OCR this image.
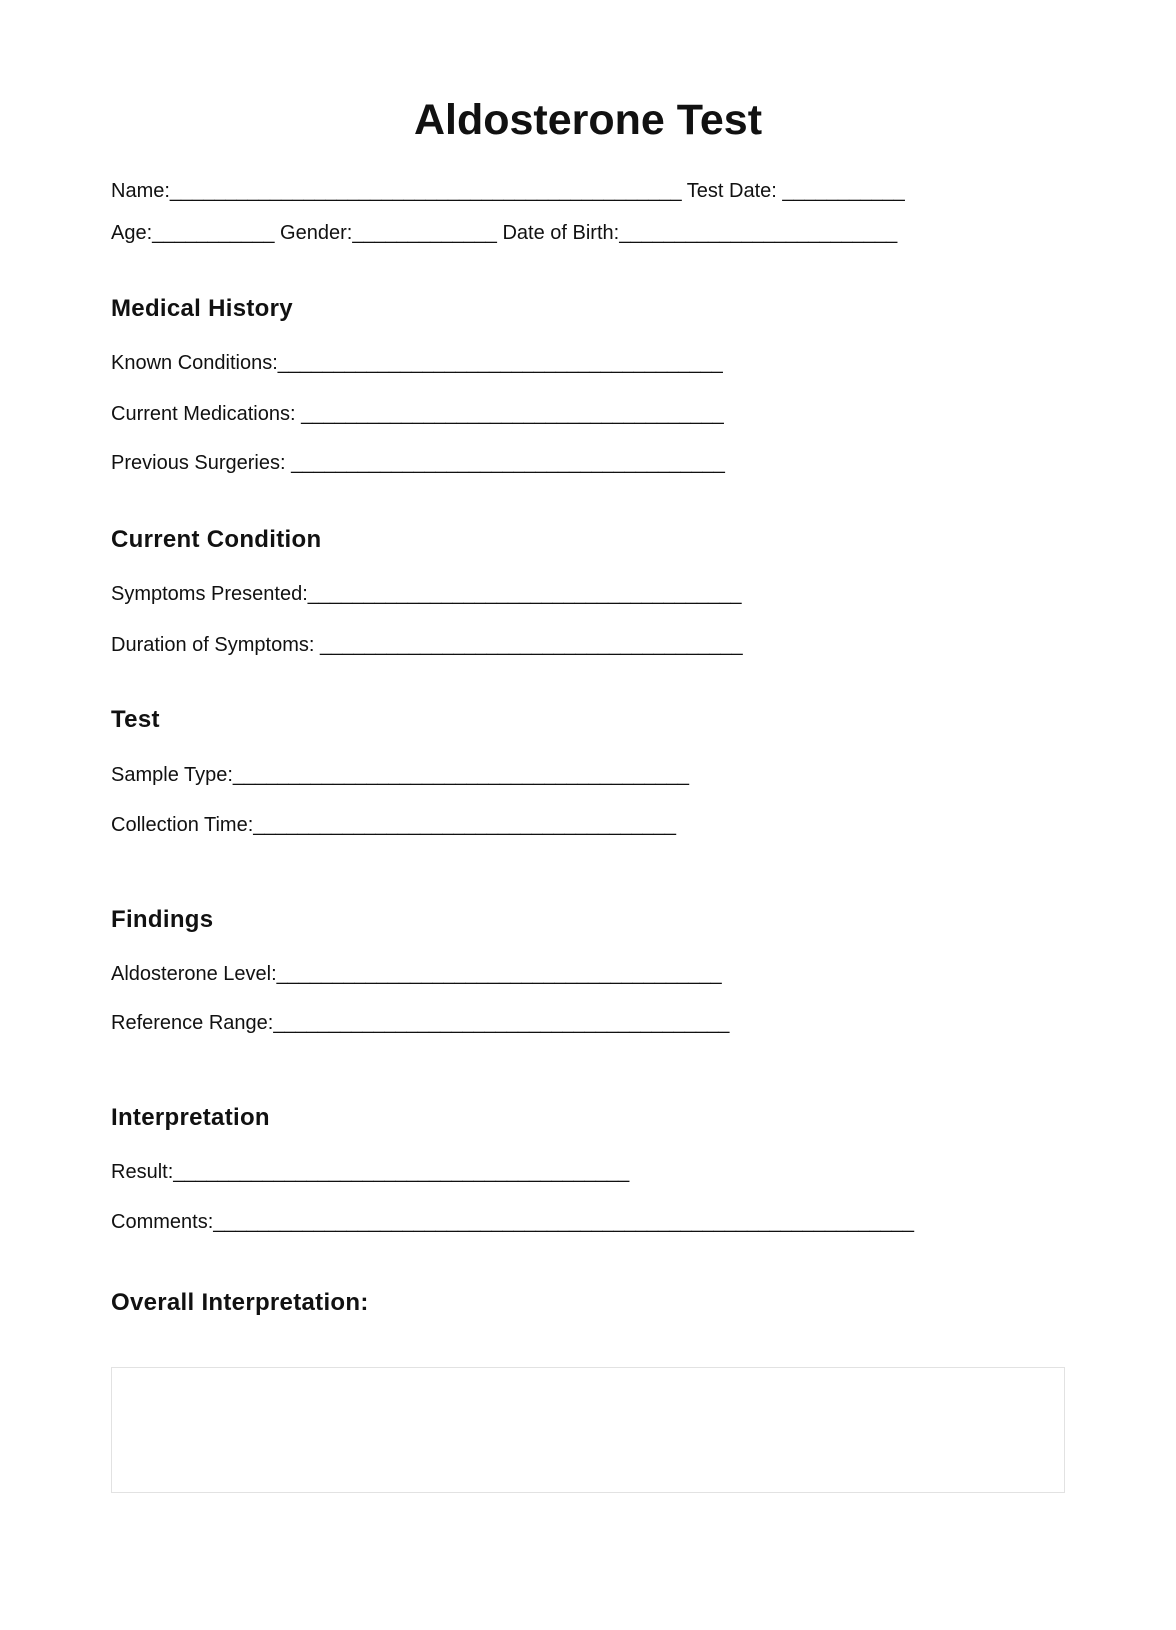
Aldosterone Test
Name:______________________________________________ Test Date: ___________
Age:___________ Gender:_____________ Date of Birth:_________________________
Medical History
Known Conditions:________________________________________
Current Medications: ______________________________________
Previous Surgeries: _______________________________________
Current Condition
Symptoms Presented:_______________________________________
Duration of Symptoms: ______________________________________
Test
Sample Type:_________________________________________
Collection Time:______________________________________
Findings
Aldosterone Level:________________________________________
Reference Range:_________________________________________
Interpretation
Result:_________________________________________
Comments:_______________________________________________________________
Overall Interpretation:
